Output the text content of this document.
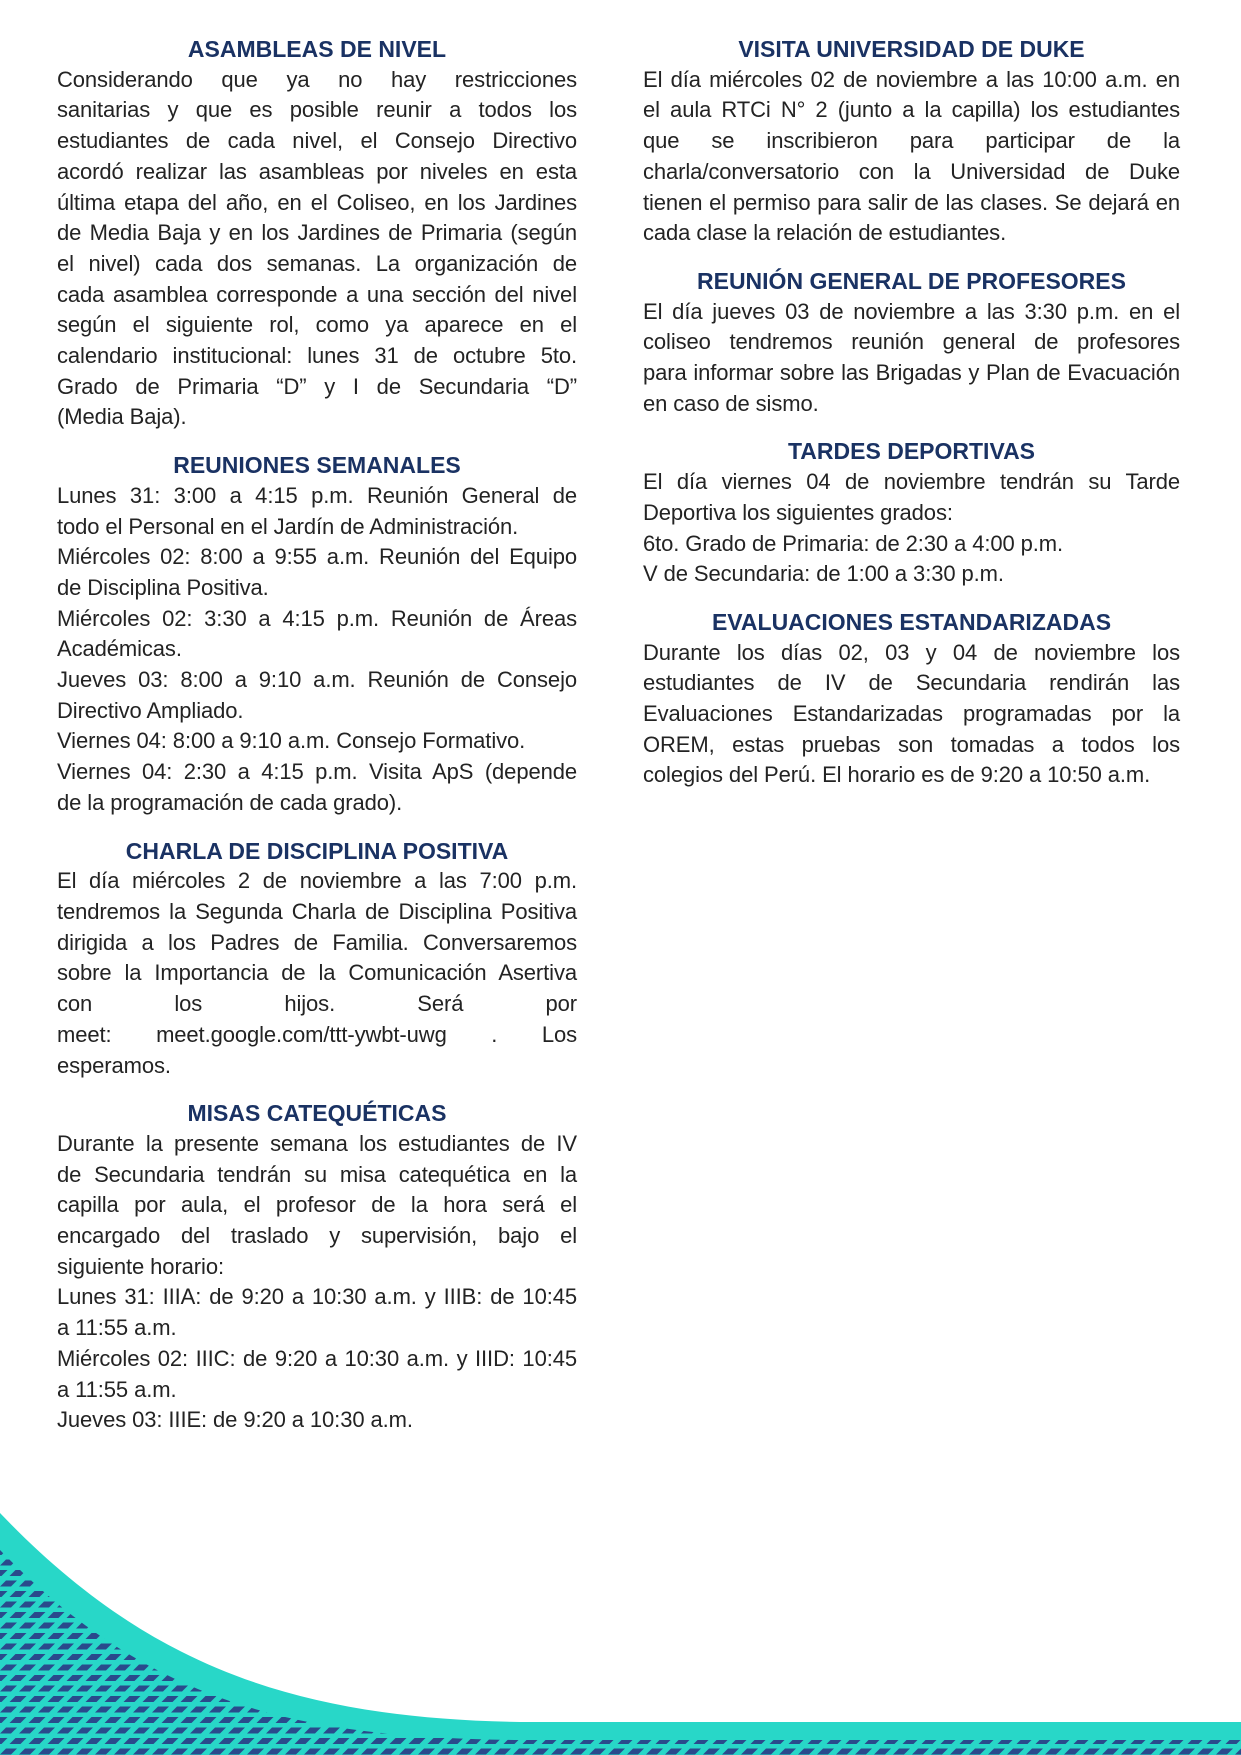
ASAMBLEAS DE NIVEL
Considerando que ya no hay restricciones
sanitarias y que es posible reunir a todos los
estudiantes de cada nivel, el Consejo Directivo
acordó realizar las asambleas por niveles en esta
última etapa del año, en el Coliseo, en los Jardines
de Media Baja y en los Jardines de Primaria (según
el nivel) cada dos semanas. La organización de
cada asamblea corresponde a una sección del nivel
según el siguiente rol, como ya aparece en el
calendario institucional: lunes 31 de octubre 5to.
Grado de Primaria “D” y I de Secundaria “D”
(Media Baja).
REUNIONES SEMANALES
Lunes 31: 3:00 a 4:15 p.m. Reunión General de
todo el Personal en el Jardín de Administración.
Miércoles 02: 8:00 a 9:55 a.m. Reunión del Equipo
de Disciplina Positiva.
Miércoles 02: 3:30 a 4:15 p.m. Reunión de Áreas
Académicas.
Jueves 03: 8:00 a 9:10 a.m. Reunión de Consejo
Directivo Ampliado.
Viernes 04: 8:00 a 9:10 a.m. Consejo Formativo.
Viernes 04: 2:30 a 4:15 p.m. Visita ApS (depende
de la programación de cada grado).
CHARLA DE DISCIPLINA POSITIVA
El día miércoles 2 de noviembre a las 7:00 p.m.
tendremos la Segunda Charla de Disciplina Positiva
dirigida a los Padres de Familia. Conversaremos
sobre la Importancia de la Comunicación Asertiva
con los hijos. Será por
meet: meet.google.com/ttt-ywbt-uwg . Los
esperamos.
MISAS CATEQUÉTICAS
Durante la presente semana los estudiantes de IV
de Secundaria tendrán su misa catequética en la
capilla por aula, el profesor de la hora será el
encargado del traslado y supervisión, bajo el
siguiente horario:
Lunes 31: IIIA: de 9:20 a 10:30 a.m. y IIIB: de 10:45
a 11:55 a.m.
Miércoles 02: IIIC: de 9:20 a 10:30 a.m. y IIID: 10:45
a 11:55 a.m.
Jueves 03: IIIE: de 9:20 a 10:30 a.m.
VISITA UNIVERSIDAD DE DUKE
El día miércoles 02 de noviembre a las 10:00 a.m. en
el aula RTCi N° 2 (junto a la capilla) los estudiantes
que se inscribieron para participar de la
charla/conversatorio con la Universidad de Duke
tienen el permiso para salir de las clases. Se dejará en
cada clase la relación de estudiantes.
REUNIÓN GENERAL DE PROFESORES
El día jueves 03 de noviembre a las 3:30 p.m. en el
coliseo tendremos reunión general de profesores
para informar sobre las Brigadas y Plan de Evacuación
en caso de sismo.
TARDES DEPORTIVAS
El día viernes 04 de noviembre tendrán su Tarde
Deportiva los siguientes grados:
6to. Grado de Primaria: de 2:30 a 4:00 p.m.
V de Secundaria: de 1:00 a 3:30 p.m.
EVALUACIONES ESTANDARIZADAS
Durante los días 02, 03 y 04 de noviembre los
estudiantes de IV de Secundaria rendirán las
Evaluaciones Estandarizadas programadas por la
OREM, estas pruebas son tomadas a todos los
colegios del Perú. El horario es de 9:20 a 10:50 a.m.
